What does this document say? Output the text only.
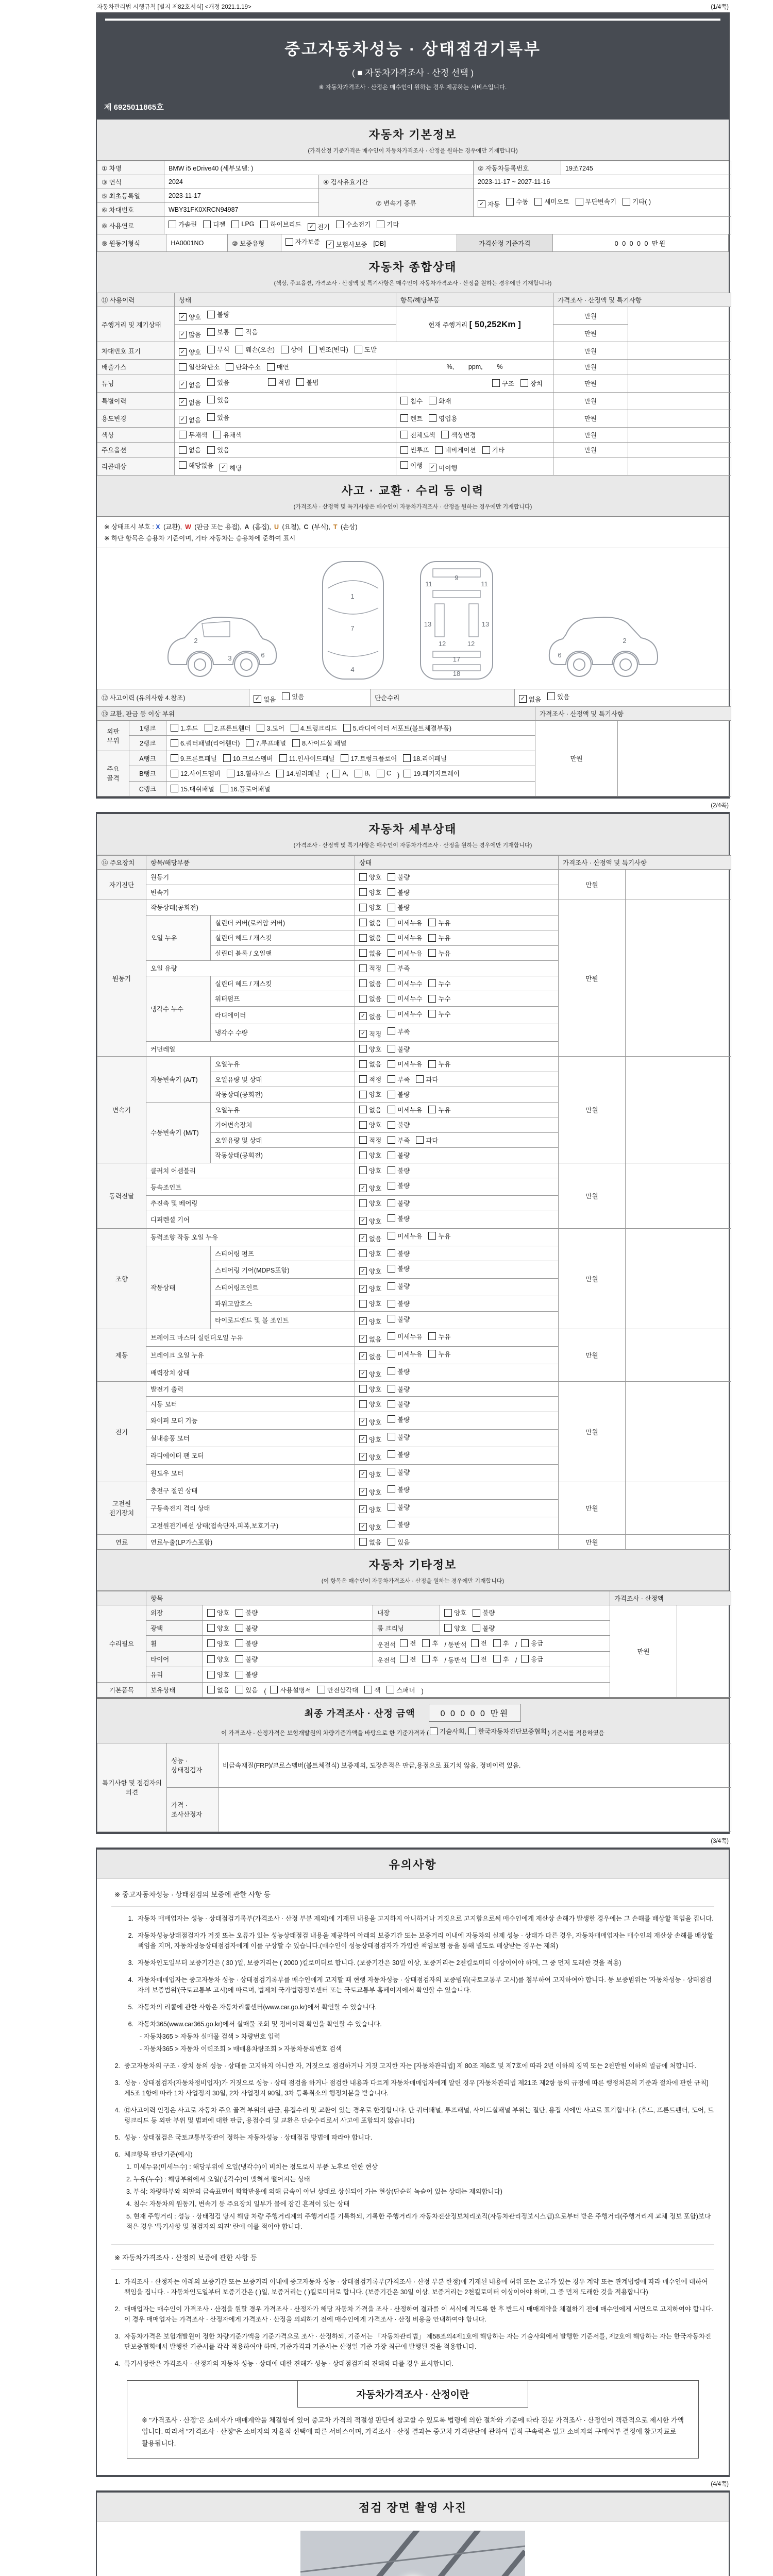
자동차관리법 시행규칙 [별지 제82호서식] <개정 2021.1.19>	(1/4쪽)
중고자동차성능 · 상태점검기록부
( ■ 자동차가격조사 · 산정 선택 )
※ 자동차가격조사 · 산정은 매수인이 원하는 경우 제공하는 서비스입니다.
제 6925011865호
자동차 기본정보
(가격산정 기준가격은 매수인이 자동차가격조사 · 산정을 원하는 경우에만 기재합니다)
① 차명	BMW i5 eDrive40 (세부모델: )		② 자동차등록번호	19조7245
③ 연식	2024	④ 검사유효기간	2023-11-17 ~ 2027-11-16	
⑤ 최초등록일	2023-11-17	⑦ 변속기 종류	✓ 자동 수동 세미오토 무단변속기 기타( )

⑥ 차대번호	WBY31FK0XRCN94987			
⑧ 사용연료	가솔린 디젤 LPG 하이브리드 ✓ 전기 수소전기 기타
⑨ 원동기형식	HA0001NO	⑩ 보증유형	자가보증 ✓ 보험사보증 [DB]	가격산정 기준가격	0 0 0 0 0 만원
자동차 종합상태
(색상, 주요옵션, 가격조사 · 산정액 및 특기사항은 매수인이 자동차가격조사 · 산정을 원하는 경우에만 기재합니다)
⑪ 사용이력	상태	항목/해당부품	가격조사 · 산정액 및 특기사항	
주행거리 및 계기상태	✓ 양호 불량	현재 주행거리 [ 50,252Km ]	만원	

✓ 많음 보통 적음		만원	
차대번호 표기	✓ 양호 부식 훼손(오손) 상이 변조(변타) 도말	만원	
배출가스	일산화탄소 탄화수소 매연	%,        ppm,        %	만원	
튜닝	✓ 없음 있음
적법 불법	구조 장치	만원	
특별이력	✓ 없음 있음	침수 화재	만원	
용도변경	✓ 없음 있음	렌트 영업용	만원	
색상	무채색 유채색	전체도색 색상변경	만원	
주요옵션	없음 있음	썬루프 네비게이션 기타	만원	
리콜대상	해당없음 ✓ 해당	이행 ✓ 미이행		

사고 · 교환 · 수리 등 이력
(가격조사 · 산정액 및 특기사항은 매수인이 자동차가격조사 · 산정을 원하는 경우에만 기재합니다)
※ 상태표시 부호 : X (교환), W (판금 또는 용접), A (흠집), U (요철), C (부식), T (손상)
※ 하단 항목은 승용차 기준이며, 기타 자동차는 승용차에 준하여 표시
2
3	6
1
7
4
11	11
9
13	13
12	12
17
18
2
6
⑫ 사고이력 (유의사항 4.참조)	✓ 없음 있음	단순수리	✓ 없음 있음
⑬ 교환, 판금 등 이상 부위			가격조사 · 산정액 및 특기사항	
외판 부위	1랭크	1.후드 2.프론트휀더 3.도어 4.트렁크리드 5.라디에이터 서포트(볼트체결부품)	만원	
	2랭크	6.쿼터패널(리어휀더) 7.루프패널 8.사이드실 패널		

주요 골격	A랭크	9.프론트패널 10.크로스멤버 11.인사이드패널 17.트렁크플로어 18.리어패널		

B랭크	12.사이드멤버 13.휠하우스 14.필러패널 ( A, B, C ) 19.패키지트레이

	C랭크	15.대쉬패널 16.플로어패널		
(2/4쪽)
자동차 세부상태
(가격조사 · 산정액 및 특기사항은 매수인이 자동차가격조사 · 산정을 원하는 경우에만 기재합니다)
⑭ 주요장치	항목/해당부품		상태	가격조사 · 산정액 및 특기사항	
자기진단	원동기		양호 불량	만원	
	변속기		양호 불량		

원동기	작동상태(공회전)		양호 불량	만원	
	오일 누유	실린더 커버(로커암 커버)	없음 미세누유 누유		

		실린더 헤드 / 개스킷	없음 미세누유 누유		

		실린더 블록 / 오일팬	없음 미세누유 누유		

	오일 유량		적정 부족		

	냉각수 누수	실린더 헤드 / 개스킷	없음 미세누수 누수		

		워터펌프	없음 미세누수 누수		

		라디에이터	✓ 없음 미세누수 누수		

		냉각수 수량	✓ 적정 부족		

	커먼레일		양호 불량		

변속기	자동변속기 (A/T)	오일누유	없음 미세누유 누유	만원	
		오일유량 및 상태	적정 부족 과다		

		작동상태(공회전)	양호 불량		

	수동변속기 (M/T)	오일누유	없음 미세누유 누유		

		기어변속장치	양호 불량		

		오일유량 및 상태	적정 부족 과다		

		작동상태(공회전)	양호 불량		

동력전달	클러치 어셈블리		양호 불량	만원	
	등속조인트		✓ 양호 불량		

	추진축 및 베어링		양호 불량		

	디퍼렌셜 기어		✓ 양호 불량		

조향	동력조향 작동 오일 누유		✓ 없음 미세누유 누유	만원	
	작동상태	스티어링 펌프	양호 불량		

		스티어링 기어(MDPS포함)	✓ 양호 불량		

		스티어링조인트	✓ 양호 불량		

		파워고압호스	양호 불량		

		타이로드엔드 및 볼 조인트	✓ 양호 불량		

제동	브레이크 마스터 실린더오일 누유		✓ 없음 미세누유 누유	만원	
	브레이크 오일 누유		✓ 없음 미세누유 누유		

	배력장치 상태		✓ 양호 불량		

전기	발전기 출력		양호 불량	만원	
	시동 모터		양호 불량		

	와이퍼 모터 기능		✓ 양호 불량		

	실내송풍 모터		✓ 양호 불량		

	라디에이터 팬 모터		✓ 양호 불량		

	윈도우 모터		✓ 양호 불량		

고전원 전기장치	충전구 절연 상태		✓ 양호 불량	만원	
	구동축전지 격리 상태		✓ 양호 불량		

	고전원전기배선 상태(접속단자,피복,보호기구)		✓ 양호 불량		

연료	연료누출(LP가스포함)		없음 있음	만원	
자동차 기타정보
(이 항목은 매수인이 자동차가격조사 · 산정을 원하는 경우에만 기재합니다)
	항목				가격조사 · 산정액	
수리필요	외장	양호 불량	내장	양호 불량	만원	
	광택	양호 불량	룸 크리닝	양호 불량		

휠	양호 불량	운전석 전 후 / 동반석 전 후 / 응급

타이어	양호 불량	운전석 전 후 / 동반석 전 후 / 응급

	유리	양호 불량				

기본품목	보유상태	없음 있음 ( 사용설명서 안전삼각대 잭 스패너 )
최종 가격조사 · 산정 금액	0 0 0 0 0 만원
이 가격조사 · 산정가격은 보험개발원의 차량기준가액을 바탕으로 한 기준가격과 ( 기술사회, 한국자동차진단보증협회 ) 기준서를 적용하였음
특기사항 및 점검자의 의견	성능 · 상태점검자	비금속재질(FRP)/크로스멤버(볼트체결식) 보증제외, 도장흔적은 판금,용접으로 표기치 않음, 정비이력 있음.
	가격 · 조사산정자	
(3/4쪽)
유의사항
※ 중고자동차성능 · 상태점검의 보증에 관한 사항 등
1. 자동차 매매업자는 성능 · 상태점검기록부(가격조사 · 산정 부분 제외)에 기재된 내용을 고지하지 아니하거나 거짓으로 고지함으로써 매수인에게 재산상 손해가 발생한 경우에는 그 손해를 배상할 책임을 집니다.
2. 자동차성능상태점검자가 거짓 또는 오류가 있는 성능상태점검 내용을 제공하여 아래의 보증기간 또는 보증거리 이내에 자동차의 실제 성능 · 상태가 다른 경우, 자동차매매업자는 매수인의 재산상 손해를 배상할 책임을 지며, 자동차성능상태점검자에게 이를 구상할 수 있습니다.(매수인이 성능상태점검자가 가입한 책임보험 등을 통해 별도로 배상받는 경우는 제외)
3. 자동차인도일부터 보증기간은 ( 30 )일, 보증거리는 ( 2000 )킬로미터로 합니다. (보증기간은 30일 이상, 보증거리는 2천킬로미터 이상이어야 하며, 그 중 먼저 도래한 것을 적용)
4. 자동차매매업자는 중고자동차 성능 · 상태점검기록부를 매수인에게 고지할 때 현행 자동차성능 · 상태점검자의 보증범위(국토교통부 고시)를 첨부하여 고지하여야 합니다. 동 보증범위는 '자동차성능 · 상태점검자의 보증범위'(국토교통부 고시)에 따르며, 법제처 국가법령정보센터 또는 국토교통부 홈페이지에서 확인할 수 있습니다.
5. 자동차의 리콜에 관한 사항은 자동차리콜센터(www.car.go.kr)에서 확인할 수 있습니다.
6. 자동차365(www.car365.go.kr)에서 실매물 조회 및 정비이력 확인을 확인할 수 있습니다.
- 자동차365 > 자동차 실매물 검색 > 차량번호 입력
- 자동차365 > 자동차 이력조회 > 매매용차량조회 > 자동차등록번호 검색
2. 중고자동차의 구조 · 장치 등의 성능 · 상태를 고지하지 아니한 자, 거짓으로 점검하거나 거짓 고지한 자는 [자동차관리법] 제 80조 제6호 및 제7호에 따라 2년 이하의 징역 또는 2천만원 이하의 벌금에 처합니다.
3. 성능 · 상태점검자(자동차정비업자)가 거짓으로 성능 · 상태 점검을 하거나 점검한 내용과 다르게 자동차매매업자에게 알린 경우 [자동차관리법 제21조 제2항 등의 규정에 따른 행정처분의 기준과 절차에 관한 규칙] 제5조 1항에 따라 1차 사업정지 30일, 2차 사업정지 90일, 3차 등록취소의 행정처분을 받습니다.
4. ⑫사고이력 인정은 사고로 자동차 주요 골격 부위의 판금, 용접수리 및 교환이 있는 경우로 한정합니다. 단 쿼터패널, 루프패널, 사이드실패널 부위는 절단, 용접 시에만 사고로 표기합니다. (후드, 프론트펜더, 도어, 트렁크리드 등 외판 부위 및 범퍼에 대한 판금, 용접수리 및 교환은 단순수리로서 사고에 포함되지 않습니다)
5. 성능 · 상태점검은 국토교통부장관이 정하는 자동차성능 · 상태점검 방법에 따라야 합니다.
6. 체크항목 판단기준(예시)
1. 미세누유(미세누수) : 해당부위에 오일(냉각수)이 비치는 정도로서 부품 노후로 인한 현상
2. 누유(누수) : 해당부위에서 오일(냉각수)이 맺혀서 떨어지는 상태
3. 부식: 차량하부와 외판의 금속표면이 화학반응에 의해 금속이 아닌 상태로 상실되어 가는 현상(단순히 녹슬어 있는 상태는 제외합니다)
4. 침수: 자동차의 원동기, 변속기 등 주요장치 일부가 물에 잠긴 흔적이 있는 상태
5. 현재 주행거리 : 성능 · 상태점검 당시 해당 차량 주행거리계의 주행거리를 기록하되, 기록한 주행거리가 자동차전산정보처리조직(자동차관리정보시스템)으로부터 받은 주행거리(주행거리계 교체 정보 포함)보다 적은 경우 '특기사항 및 점검자의 의견' 란에 이를 적어야 합니다.
※ 자동차가격조사 · 산정의 보증에 관한 사항 등
1. 가격조사 · 산정자는 아래의 보증기간 또는 보증거리 이내에 중고자동차 성능 · 상태점검기록부(가격조사 · 산정 부분 한정)에 기재된 내용에 허위 또는 오류가 있는 경우 계약 또는 관계법령에 따라 매수인에 대하여 책임을 집니다. · 자동차인도일부터 보증기간은 ( )일, 보증거리는 ( )킬로미터로 합니다. (보증기간은 30일 이상, 보증거리는 2천킬로미터 이상이어야 하며, 그 중 먼저 도래한 것을 적용합니다)
2. 매매업자는 매수인이 가격조사 · 산정을 원할 경우 가격조사 · 산정자가 해당 자동차 가격을 조사 · 산정하여 결과를 이 서식에 적도록 한 후 반드시 매매계약을 체결하기 전에 매수인에게 서면으로 고지하여야 합니다. 이 경우 매매업자는 가격조사 · 산정자에게 가격조사 · 산정을 의뢰하기 전에 매수인에게 가격조사 · 산정 비용을 안내하여야 합니다.
3. 자동차가격은 보험개발원이 정한 차량기준가액을 기준가격으로 조사 · 산정하되, 기준서는 「자동차관리법」 제58조의4제1호에 해당하는 자는 기술사회에서 발행한 기준서를, 제2호에 해당하는 자는 한국자동차진단보증협회에서 발행한 기준서를 각각 적용하여야 하며, 기준가격과 기준서는 산정일 기준 가장 최근에 발행된 것을 적용합니다.
4. 특기사항란은 가격조사 · 산정자의 자동차 성능 · 상태에 대한 견해가 성능 · 상태점검자의 견해와 다를 경우 표시합니다.
자동차가격조사 · 산정이란
※ "가격조사 · 산정"은 소비자가 매매계약을 체결함에 있어 중고차 가격의 적절성 판단에 참고할 수 있도록 법령에 의한 절차와 기준에 따라 전문 가격조사 · 산정인이 객관적으로 제시한 가액입니다. 따라서 "가격조사 · 산정"은 소비자의 자율적 선택에 따른 서비스이며, 가격조사 · 산정 결과는 중고차 가격판단에 관하여 법적 구속력은 없고 소비자의 구매여부 결정에 참고자료로 활용됩니다.
(4/4쪽)
점검 장면 촬영 사진
